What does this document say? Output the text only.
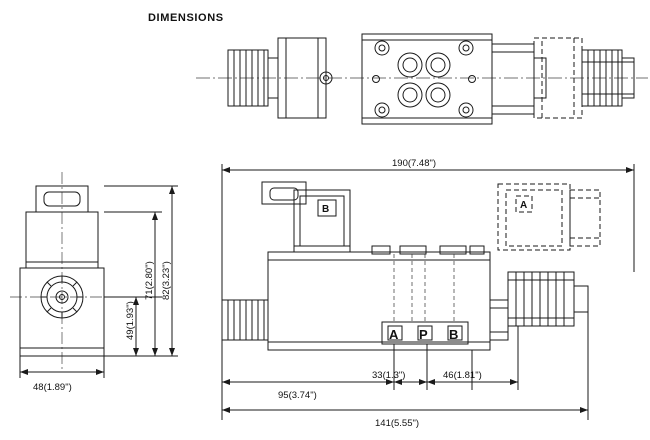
DIMENSIONS
48(1.89")
49(1.93")
71(2.80") 82(3.23")
190(7.48")
95(3.74")
33(1.3")	46(1.81")
141(5.55")
A P B
B	A
